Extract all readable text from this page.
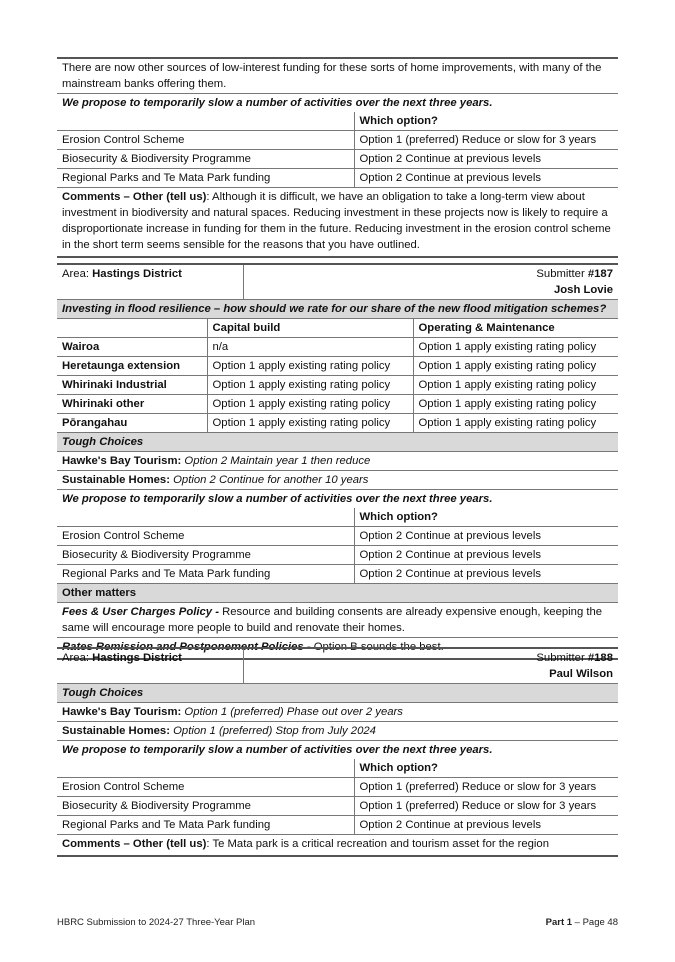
There are now other sources of low-interest funding for these sorts of home improvements, with many of the mainstream banks offering them.	
We propose to temporarily slow a number of activities over the next three years.	
	Which option?
Erosion Control Scheme	Option 1 (preferred) Reduce or slow for 3 years
Biosecurity & Biodiversity Programme	Option 2 Continue at previous levels
Regional Parks and Te Mata Park funding	Option 2 Continue at previous levels
Comments – Other (tell us): Although it is difficult, we have an obligation to take a long-term view about investment in biodiversity and natural spaces. Reducing investment in these projects now is likely to require a disproportionate increase in funding for them in the future. Reducing investment in the erosion control scheme in the short term seems sensible for the reasons that you have outlined.	
Area: Hastings District	Submitter #187
Josh Lovie
Investing in flood resilience – how should we rate for our share of the new flood mitigation schemes?		
	Capital build	Operating & Maintenance
Wairoa	n/a	Option 1 apply existing rating policy
Heretaunga extension	Option 1 apply existing rating policy	Option 1 apply existing rating policy
Whirinaki Industrial	Option 1 apply existing rating policy	Option 1 apply existing rating policy
Whirinaki other	Option 1 apply existing rating policy	Option 1 apply existing rating policy
Pōrangahau	Option 1 apply existing rating policy	Option 1 apply existing rating policy
Tough Choices	
Hawke's Bay Tourism: Option 2 Maintain year 1 then reduce	
Sustainable Homes: Option 2 Continue for another 10 years	
We propose to temporarily slow a number of activities over the next three years.	
	Which option?
Erosion Control Scheme	Option 2 Continue at previous levels
Biosecurity & Biodiversity Programme	Option 2 Continue at previous levels
Regional Parks and Te Mata Park funding	Option 2 Continue at previous levels
Other matters	
Fees & User Charges Policy - Resource and building consents are already expensive enough, keeping the same will encourage more people to build and renovate their homes.	
Rates Remission and Postponement Policies - Option B sounds the best.	
Area: Hastings District	Submitter #188
Paul Wilson
Tough Choices	
Hawke's Bay Tourism: Option 1 (preferred) Phase out over 2 years	
Sustainable Homes: Option 1 (preferred) Stop from July 2024	
We propose to temporarily slow a number of activities over the next three years.	
	Which option?
Erosion Control Scheme	Option 1 (preferred) Reduce or slow for 3 years
Biosecurity & Biodiversity Programme	Option 1 (preferred) Reduce or slow for 3 years
Regional Parks and Te Mata Park funding	Option 2 Continue at previous levels
Comments – Other (tell us): Te Mata park is a critical recreation and tourism asset for the region	
HBRC Submission to 2024-27 Three-Year Plan	Part 1 – Page 48
